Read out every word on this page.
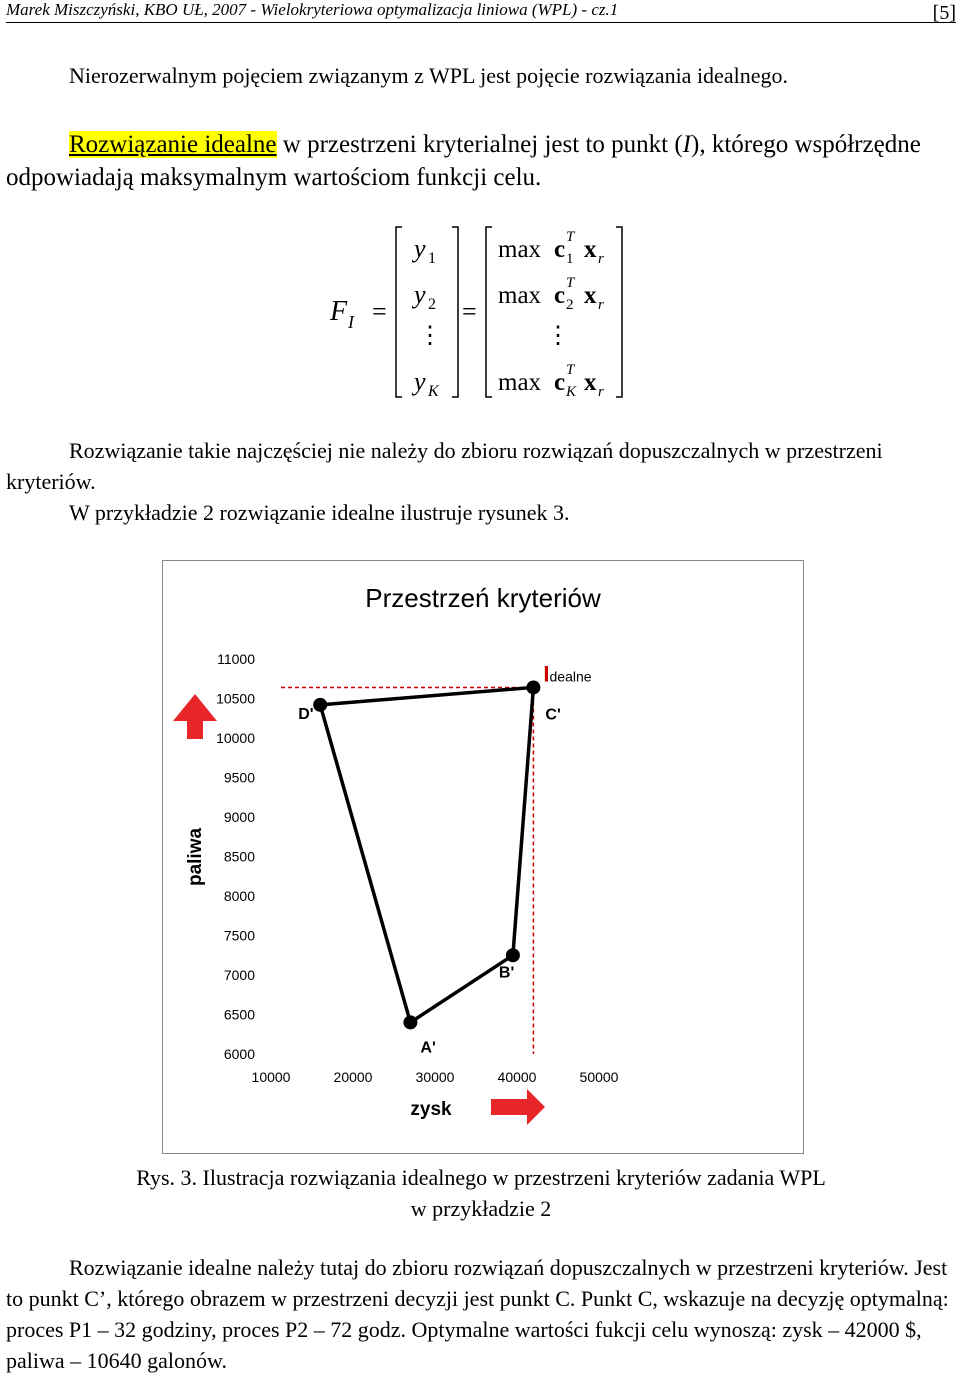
Marek Miszczyński, KBO UŁ, 2007 - Wielokryteriowa optymalizacja liniowa (WPL) - cz.1	[5]

Nierozerwalnym pojęciem związanym z WPL jest pojęcie rozwiązania idealnego.

Rozwiązanie idealne w przestrzeni kryterialnej jest to punkt (I), którego współrzędne odpowiadają maksymalnym wartościom funkcji celu.

F I =
y 1
y 2
⋮
y K
=
max c T
1 x r
max c T
2 x r
⋮
max c T
K x r

Rozwiązanie takie najczęściej nie należy do zbioru rozwiązań dopuszczalnych w przestrzeni kryteriów.

W przykładzie 2 rozwiązanie idealne ilustruje rysunek 3.

Przestrzeń kryteriów
11000
10500
10000
9500
9000
8500
8000
7500
7000
6500
6000
10000	20000	30000	40000	50000
A'
B'
C'
D'
Idealne
zysk
paliwa
Rys. 3. Ilustracja rozwiązania idealnego w przestrzeni kryteriów zadania WPL
w przykładzie 2

Rozwiązanie idealne należy tutaj do zbioru rozwiązań dopuszczalnych w przestrzeni kryteriów. Jest to punkt C’, którego obrazem w przestrzeni decyzji jest punkt C. Punkt C, wskazuje na decyzję optymalną: proces P1 – 32 godziny, proces P2 – 72 godz. Optymalne wartości fukcji celu wynoszą: zysk – 42000 $, paliwa – 10640 galonów.
